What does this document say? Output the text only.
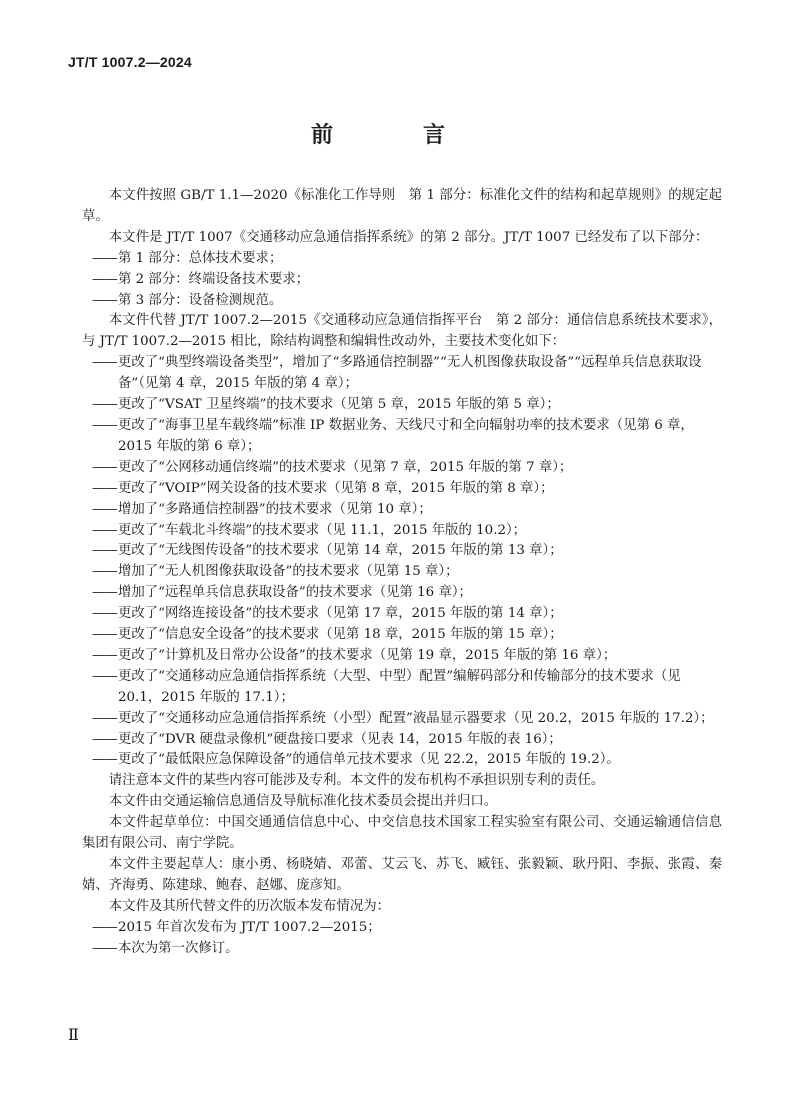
JT/T 1007.2—2024
前　言

本文件按照 GB/T 1.1—2020《标准化工作导则　第 1 部分：标准化文件的结构和起草规则》的规定起草。

本文件是 JT/T 1007《交通移动应急通信指挥系统》的第 2 部分。JT/T 1007 已经发布了以下部分：

——第 1 部分：总体技术要求；

——第 2 部分：终端设备技术要求；

——第 3 部分：设备检测规范。

本文件代替 JT/T 1007.2—2015《交通移动应急通信指挥平台　第 2 部分：通信信息系统技术要求》，与 JT/T 1007.2—2015 相比，除结构调整和编辑性改动外，主要技术变化如下：

——更改了“典型终端设备类型”，增加了“多路通信控制器”“无人机图像获取设备”“远程单兵信息获取设备”（见第 4 章，2015 年版的第 4 章）；

——更改了“VSAT 卫星终端”的技术要求（见第 5 章，2015 年版的第 5 章）；

——更改了“海事卫星车载终端”标准 IP 数据业务、天线尺寸和全向辐射功率的技术要求（见第 6 章，2015 年版的第 6 章）；

——更改了“公网移动通信终端”的技术要求（见第 7 章，2015 年版的第 7 章）；

——更改了“VOIP”网关设备的技术要求（见第 8 章，2015 年版的第 8 章）；

——增加了“多路通信控制器”的技术要求（见第 10 章）；

——更改了“车载北斗终端”的技术要求（见 11.1，2015 年版的 10.2）；

——更改了“无线图传设备”的技术要求（见第 14 章，2015 年版的第 13 章）；

——增加了“无人机图像获取设备”的技术要求（见第 15 章）；

——增加了“远程单兵信息获取设备”的技术要求（见第 16 章）；

——更改了“网络连接设备”的技术要求（见第 17 章，2015 年版的第 14 章）；

——更改了“信息安全设备”的技术要求（见第 18 章，2015 年版的第 15 章）；

——更改了“计算机及日常办公设备”的技术要求（见第 19 章，2015 年版的第 16 章）；

——更改了“交通移动应急通信指挥系统（大型、中型）配置”编解码部分和传输部分的技术要求（见 20.1，2015 年版的 17.1）；

——更改了“交通移动应急通信指挥系统（小型）配置”液晶显示器要求（见 20.2，2015 年版的 17.2）；

——更改了“DVR 硬盘录像机”硬盘接口要求（见表 14，2015 年版的表 16）；

——更改了“最低限应急保障设备”的通信单元技术要求（见 22.2，2015 年版的 19.2）。

请注意本文件的某些内容可能涉及专利。本文件的发布机构不承担识别专利的责任。

本文件由交通运输信息通信及导航标准化技术委员会提出并归口。

本文件起草单位：中国交通通信信息中心、中交信息技术国家工程实验室有限公司、交通运输通信信息集团有限公司、南宁学院。

本文件主要起草人：康小勇、杨晓婧、邓蕾、艾云飞、苏飞、臧钰、张毅颖、耿丹阳、李振、张霞、秦婧、齐海勇、陈建球、鲍春、赵娜、庞彦知。

本文件及其所代替文件的历次版本发布情况为：

——2015 年首次发布为 JT/T 1007.2—2015；

——本次为第一次修订。

Ⅱ
